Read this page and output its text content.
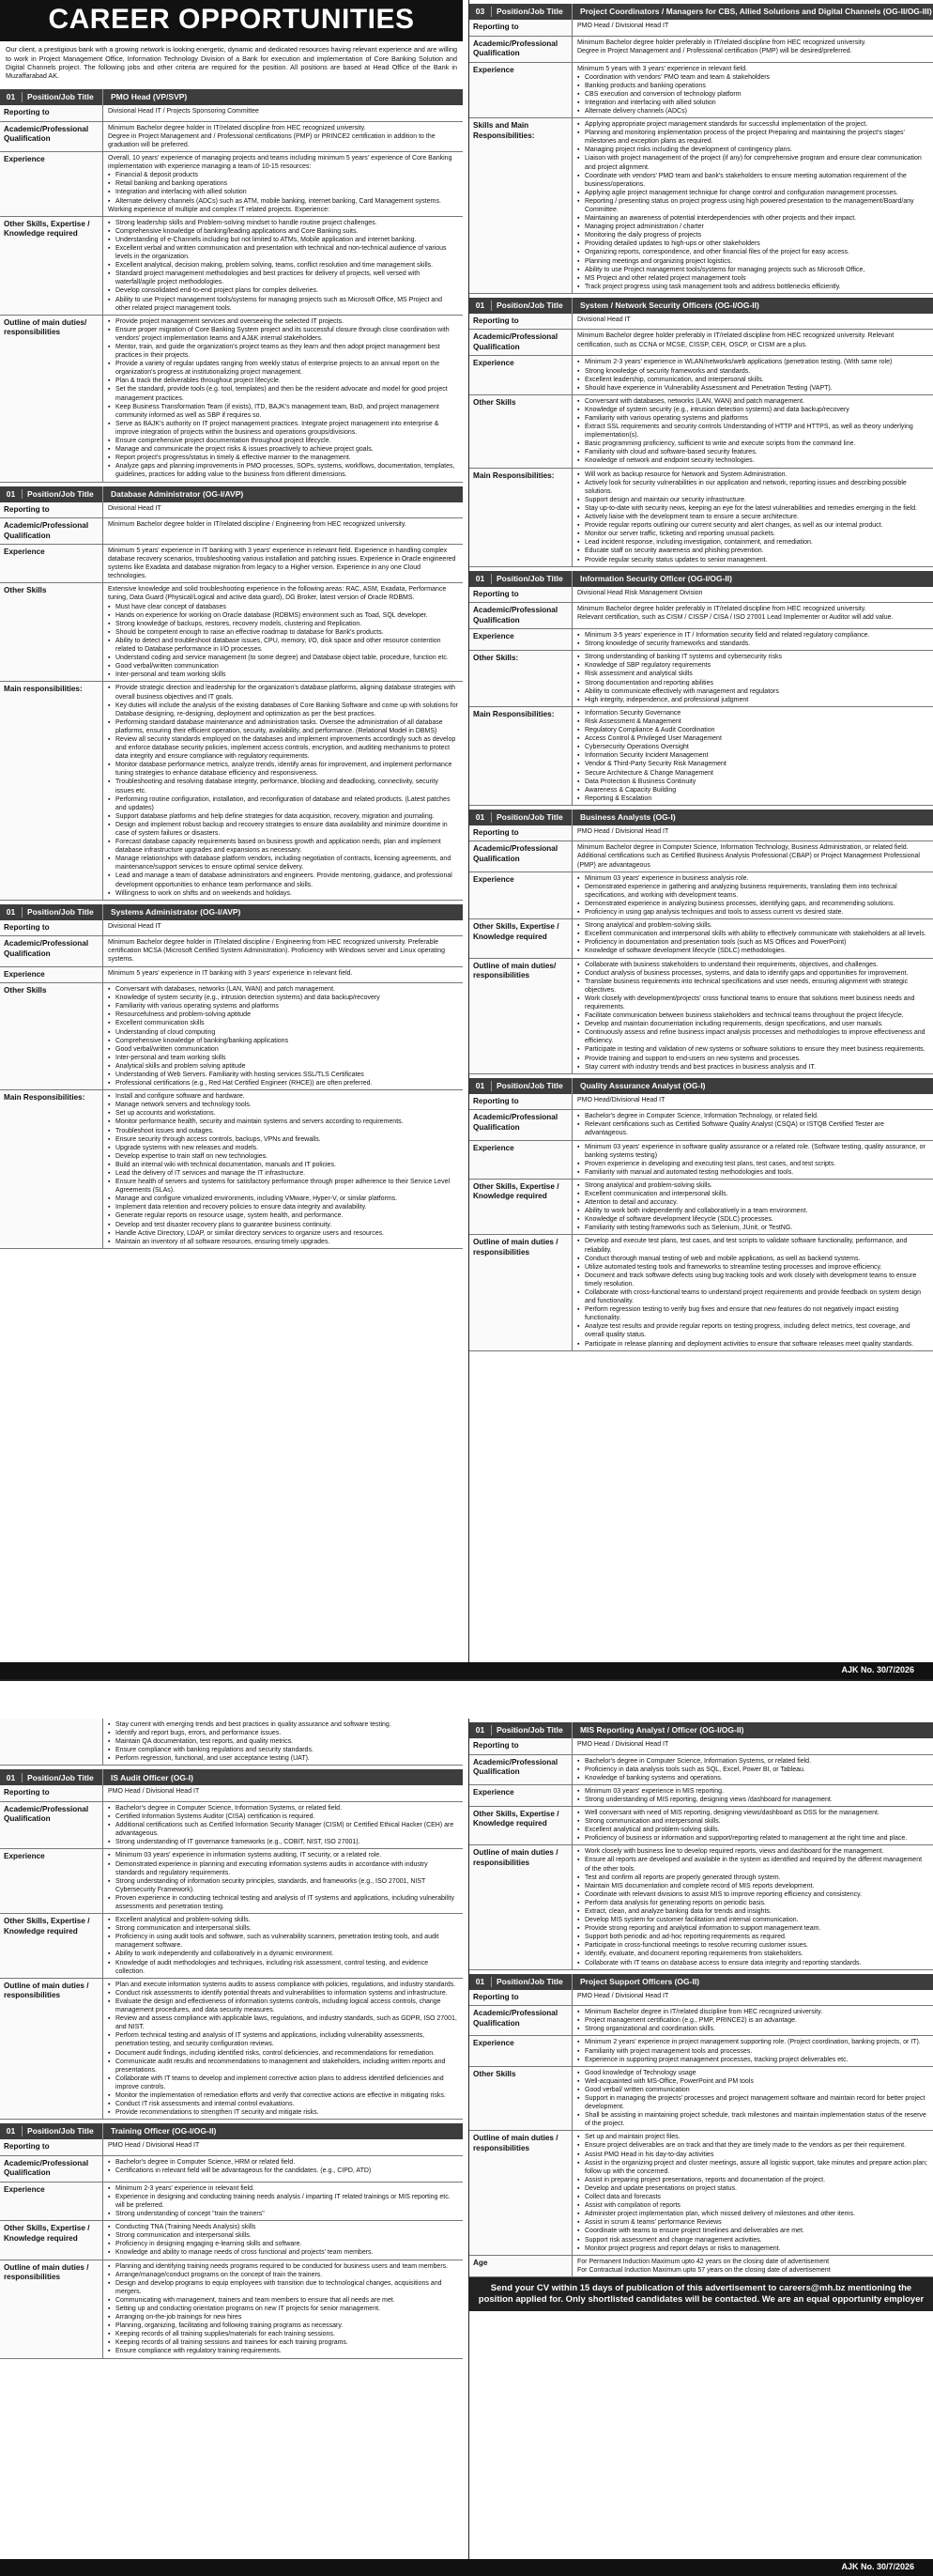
CAREER OPPORTUNITIES
Our client, a prestigious bank with a growing network is looking energetic, dynamic and dedicated resources having relevant experience and are willing to work in Project Management Office, Information Technology Division of a Bank for execution and implementation of Core Banking Solution and Digital Channels project. The following jobs and other criteria are required for the position. All positions are based at Head Office of the Bank in Muzaffarabad AK.
01	Position/Job Title	PMO Head (VP/SVP)
Reporting to	Divisional Head IT / Projects Sponsoring Committee

Academic/Professional Qualification

Minimum Bachelor degree holder in IT/related discipline from HEC recognized university.

Degree in Project Management and / Professional certifications (PMP) or PRINCE2 certification in addition to the graduation will be preferred.

Experience	Overall, 10 years' experience of managing projects and teams including minimum 5 years' experience of Core Banking implementation with experience managing a team of 10-15 resources:

▪ Financial & deposit products
▪ Retail banking and banking operations
▪ Integration and interfacing with allied solution
▪ Alternate delivery channels (ADCs) such as ATM, mobile banking, internet banking, Card Management systems.

Working experience of multiple and complex IT related projects. Experience:

Other Skills, Expertise / Knowledge required
▪ Strong leadership skills and Problem-solving mindset to handle routine project challenges.
▪ Comprehensive knowledge of banking/leading applications and Core Banking suits.
▪ Understanding of e-Channels including but not limited to ATMs, Mobile application and internet banking.
▪ Excellent verbal and written communication and presentation with technical and non-technical audience of various levels in the organization.
▪ Excellent analytical, decision making, problem solving, teams, conflict resolution and time management skills.
▪ Standard project management methodologies and best practices for delivery of projects, well versed with waterfall/agile project methodologies.
▪ Develop consolidated end-to-end project plans for complex deliveries.
▪ Ability to use Project management tools/systems for managing projects such as Microsoft Office, MS Project and other related project management tools.
Outline of main duties/ responsibilities
▪ Provide project management services and overseeing the selected IT projects.
▪ Ensure proper migration of Core Banking System project and its successful closure through close coordination with vendors' project implementation teams and AJ&K internal stakeholders.
▪ Mentor, train, and guide the organization's project teams as they learn and then adopt project management best practices in their projects.
▪ Provide a variety of regular updates ranging from weekly status of enterprise projects to an annual report on the organization's progress at institutionalizing project management.
▪ Plan & track the deliverables throughout project lifecycle.
▪ Set the standard, provide tools (e.g. tool, templates) and then be the resident advocate and model for good project management practices.
▪ Keep Business Transformation Team (if exists), ITD, BAJK's management team, BoD, and project management community informed as well as SBP if requires so.
▪ Serve as BAJK's authority on IT project management practices. Integrate project management into enterprise & improve integration of projects within the business and operations groups/divisions.
▪ Ensure comprehensive project documentation throughout project lifecycle.
▪ Manage and communicate the project risks & issues proactively to achieve project goals.
▪ Report project's progress/status in timely & effective manner to the management.
▪ Analyze gaps and planning improvements in PMO processes, SOPs, systems, workflows, documentation, templates, guidelines, practices for adding value to the business from different dimensions.
01	Position/Job Title	Database Administrator (OG-I/AVP)
Reporting to	Divisional Head IT

Academic/Professional Qualification

Minimum Bachelor degree holder in IT/related discipline / Engineering from HEC recognized university.

Experience	Minimum 5 years' experience in IT banking with 3 years' experience in relevant field. Experience in handling complex database recovery scenarios, troubleshooting various installation and patching issues. Experience in Oracle engineered systems like Exadata and database migration from legacy to a Higher version. Experience in any one Cloud technologies.

Other Skills	Extensive knowledge and solid troubleshooting experience in the following areas: RAC, ASM, Exadata, Performance tuning, Data Guard (Physical/Logical and active data guard), DG Broker, latest version of Oracle RDBMS.

▪ Must have clear concept of databases
▪ Hands on experience for working on Oracle database (RDBMS) environment such as Toad, SQL developer.
▪ Strong knowledge of backups, restores, recovery models, clustering and Replication.
▪ Should be competent enough to raise an effective roadmap to database for Bank's products.
▪ Ability to detect and troubleshoot database issues, CPU, memory, I/O, disk space and other resource contention related to Database performance in I/O processes.
▪ Understand coding and service management (to some degree) and Database object table, procedure, function etc.
▪ Good verbal/written communication
▪ Inter-personal and team working skills
Main responsibilities:	▪ Provide strategic direction and leadership for the organization's database platforms, aligning database strategies with overall business objectives and IT goals.
▪ Key duties will include the analysis of the existing databases of Core Banking Software and come up with solutions for Database designing, re-designing, deployment and optimization as per the best practices.
▪ Performing standard database maintenance and administration tasks. Oversee the administration of all database platforms, ensuring their efficient operation, security, availability, and performance. (Relational Model in DBMS)
▪ Review all security standards employed on the databases and implement improvements accordingly such as develop and enforce database security policies, implement access controls, encryption, and auditing mechanisms to protect data integrity and ensure compliance with regulatory requirements.
▪ Monitor database performance metrics, analyze trends, identify areas for improvement, and implement performance tuning strategies to enhance database efficiency and responsiveness.
▪ Troubleshooting and resolving database integrity, performance, blocking and deadlocking, connectivity, security issues etc.
▪ Performing routine configuration, installation, and reconfiguration of database and related products. (Latest patches and updates)
▪ Support database platforms and help define strategies for data acquisition, recovery, migration and journaling.
▪ Design and implement robust backup and recovery strategies to ensure data availability and minimize downtime in case of system failures or disasters.
▪ Forecast database capacity requirements based on business growth and application needs, plan and implement database infrastructure upgrades and expansions as necessary.
▪ Manage relationships with database platform vendors, including negotiation of contracts, licensing agreements, and maintenance/support services to ensure optimal service delivery.
▪ Lead and manage a team of database administrators and engineers. Provide mentoring, guidance, and professional development opportunities to enhance team performance and skills.
▪ Willingness to work on shifts and on weekends and holidays.
01	Position/Job Title	Systems Administrator (OG-I/AVP)
Reporting to	Divisional Head IT

Academic/Professional Qualification

Minimum Bachelor degree holder in IT/related discipline / Engineering from HEC recognized university. Preferable certification MCSA (Microsoft Certified System Administration). Proficiency with Windows server and Linux operating systems.

Experience	Minimum 5 years' experience in IT banking with 3 years' experience in relevant field.

Other Skills	▪ Conversant with databases, networks (LAN, WAN) and patch management.
▪ Knowledge of system security (e.g., intrusion detection systems) and data backup/recovery
▪ Familiarity with various operating systems and platforms
▪ Resourcefulness and problem-solving aptitude
▪ Excellent communication skills
▪ Understanding of cloud computing
▪ Comprehensive knowledge of banking/banking applications
▪ Good verbal/written communication
▪ Inter-personal and team working skills
▪ Analytical skills and problem solving aptitude
▪ Understanding of Web Servers. Familiarity with hosting services SSL/TLS Certificates
▪ Professional certifications (e.g., Red Hat Certified Engineer (RHCE)) are often preferred.
Main Responsibilities:	▪ Install and configure software and hardware.
▪ Manage network servers and technology tools.
▪ Set up accounts and workstations.
▪ Monitor performance health, security and maintain systems and servers according to requirements.
▪ Troubleshoot issues and outages.
▪ Ensure security through access controls, backups, VPNs and firewalls.
▪ Upgrade systems with new releases and models.
▪ Develop expertise to train staff on new technologies.
▪ Build an internal wiki with technical documentation, manuals and IT policies.
▪ Lead the delivery of IT services and manage the IT infrastructure.
▪ Ensure health of servers and systems for satisfactory performance through proper adherence to their Service Level Agreements (SLAs).
▪ Manage and configure virtualized environments, including VMware, Hyper-V, or similar platforms.
▪ Implement data retention and recovery policies to ensure data integrity and availability.
▪ Generate regular reports on resource usage, system health, and performance.
▪ Develop and test disaster recovery plans to guarantee business continuity.
▪ Handle Active Directory, LDAP, or similar directory services to organize users and resources.
▪ Maintain an inventory of all software resources, ensuring timely upgrades.
03	Position/Job Title	Project Coordinators / Managers for CBS, Allied Solutions and Digital Channels (OG-II/OG-III)
Reporting to	PMO Head / Divisional Head IT

Academic/Professional Qualification

Minimum Bachelor degree holder preferably in IT/related discipline from HEC recognized university.

Degree in Project Management and / Professional certification (PMP) will be desired/preferred.

Experience	Minimum 5 years with 3 years' experience in relevant field.

▪ Coordination with vendors' PMO team and team & stakeholders
▪ Banking products and banking operations
▪ CBS execution and conversion of technology platform
▪ Integration and interfacing with allied solution
▪ Alternate delivery channels (ADCs)
Skills and Main Responsibilities:
▪ Applying appropriate project management standards for successful implementation of the project.
▪ Planning and monitoring implementation process of the project Preparing and maintaining the project's stages' milestones and exception plans as required.
▪ Managing project risks including the development of contingency plans.
▪ Liaison with project management of the project (if any) for comprehensive program and ensure clear communication and project alignment.
▪ Coordinate with vendors' PMO team and bank's stakeholders to ensure meeting automation requirement of the business/operations.
▪ Applying agile project management technique for change control and configuration management processes.
▪ Reporting / presenting status on project progress using high powered presentation to the management/Board/any Committee.
▪ Maintaining an awareness of potential interdependencies with other projects and their impact.
▪ Managing project administration / charter
▪ Monitoring the daily progress of projects
▪ Providing detailed updates to high-ups or other stakeholders
▪ Organizing reports, correspondence, and other financial files of the project for easy access.
▪ Planning meetings and organizing project logistics.
▪ Ability to use Project management tools/systems for managing projects such as Microsoft Office,
▪ MS Project and other related project management tools
▪ Track project progress using task management tools and address bottlenecks efficiently.
01	Position/Job Title	System / Network Security Officers (OG-I/OG-II)
Reporting to	Divisional Head IT

Academic/Professional Qualification

Minimum Bachelor degree holder preferably in IT/related discipline from HEC recognized university. Relevant certification, such as CCNA or MCSE, CISSP, CEH, OSCP, or CISM are a plus.

Experience	▪ Minimum 2-3 years' experience in WLAN/networks/web applications (penetration testing. (With same role)
▪ Strong knowledge of security frameworks and standards.
▪ Excellent leadership, communication, and interpersonal skills.
▪ Should have experience in Vulnerability Assessment and Penetration Testing (VAPT).
Other Skills	▪ Conversant with databases, networks (LAN, WAN) and patch management.
▪ Knowledge of system security (e.g., intrusion detection systems) and data backup/recovery
▪ Familiarity with various operating systems and platforms
▪ Extract SSL requirements and security controls Understanding of HTTP and HTTPS, as well as theory underlying implementation(s).
▪ Basic programming proficiency, sufficient to write and execute scripts from the command line.
▪ Familiarity with cloud and software-based security features.
▪ Knowledge of network and endpoint security technologies.
Main Responsibilities:	▪ Will work as backup resource for Network and System Administration.
▪ Actively look for security vulnerabilities in our application and network, reporting issues and describing possible solutions.
▪ Support design and maintain our security infrastructure.
▪ Stay up-to-date with security news, keeping an eye for the latest vulnerabilities and remedies emerging in the field.
▪ Actively liaise with the development team to ensure a secure architecture.
▪ Provide regular reports outlining our current security and alert changes, as well as our internal product.
▪ Monitor our server traffic, ticketing and reporting unusual packets.
▪ Lead incident response, including investigation, containment, and remediation.
▪ Educate staff on security awareness and phishing prevention.
▪ Provide regular security status updates to senior management.
01	Position/Job Title	Information Security Officer (OG-I/OG-II)
Reporting to	Divisional Head Risk Management Division

Academic/Professional Qualification

Minimum Bachelor degree holder preferably in IT/related discipline from HEC recognized university.

Relevant certification, such as CISM / CISSP / CISA / ISO 27001 Lead Implementer or Auditor will add value.

Experience	▪ Minimum 3-5 years' experience in IT / Information security field and related regulatory compliance.
▪ Strong knowledge of security frameworks and standards.
Other Skills:	▪ Strong understanding of banking IT systems and cybersecurity risks
▪ Knowledge of SBP regulatory requirements
▪ Risk assessment and analytical skills
▪ Strong documentation and reporting abilities
▪ Ability to communicate effectively with management and regulators
▪ High integrity, independence, and professional judgment
Main Responsibilities:	▪ Information Security Governance
▪ Risk Assessment & Management
▪ Regulatory Compliance & Audit Coordination
▪ Access Control & Privileged User Management
▪ Cybersecurity Operations Oversight
▪ Information Security Incident Management
▪ Vendor & Third-Party Security Risk Management
▪ Secure Architecture & Change Management
▪ Data Protection & Business Continuity
▪ Awareness & Capacity Building
▪ Reporting & Escalation
01	Position/Job Title	Business Analysts (OG-I)
Reporting to	PMO Head / Divisional Head IT

Academic/Professional Qualification

Minimum Bachelor degree in Computer Science, Information Technology, Business Administration, or related field.

Additional certifications such as Certified Business Analysis Professional (CBAP) or Project Management Professional (PMP) are advantageous

Experience	▪ Minimum 03 years' experience in business analysis role.
▪ Demonstrated experience in gathering and analyzing business requirements, translating them into technical specifications, and working with development teams.
▪ Demonstrated experience in analyzing business processes, identifying gaps, and recommending solutions.
▪ Proficiency in using gap analysis techniques and tools to assess current vs desired state.
Other Skills, Expertise / Knowledge required
▪ Strong analytical and problem-solving skills.
▪ Excellent communication and interpersonal skills with ability to effectively communicate with stakeholders at all levels.
▪ Proficiency in documentation and presentation tools (such as MS Offices and PowerPoint)
▪ Knowledge of software development lifecycle (SDLC) methodologies.
Outline of main duties/ responsibilities
▪ Collaborate with business stakeholders to understand their requirements, objectives, and challenges.
▪ Conduct analysis of business processes, systems, and data to identify gaps and opportunities for improvement.
▪ Translate business requirements into technical specifications and user needs, ensuring alignment with strategic objectives.
▪ Work closely with development/projects' cross functional teams to ensure that solutions meet business needs and requirements.
▪ Facilitate communication between business stakeholders and technical teams throughout the project lifecycle.
▪ Develop and maintain documentation including requirements, design specifications, and user manuals.
▪ Continuously assess and refine business impact analysis processes and methodologies to improve effectiveness and efficiency.
▪ Participate in testing and validation of new systems or software solutions to ensure they meet business requirements.
▪ Provide training and support to end-users on new systems and processes.
▪ Stay current with industry trends and best practices in business analysis and IT.
01	Position/Job Title	Quality Assurance Analyst (OG-I)
Reporting to	PMO Head/Divisional Head IT

Academic/Professional Qualification
▪ Bachelor's degree in Computer Science, Information Technology, or related field.
▪ Relevant certifications such as Certified Software Quality Analyst (CSQA) or ISTQB Certified Tester are advantageous.
Experience	▪ Minimum 03 years' experience in software quality assurance or a related role. (Software testing, quality assurance, or banking systems testing)
▪ Proven experience in developing and executing test plans, test cases, and test scripts.
▪ Familiarity with manual and automated testing methodologies and tools.
Other Skills, Expertise / Knowledge required
▪ Strong analytical and problem-solving skills.
▪ Excellent communication and interpersonal skills.
▪ Attention to detail and accuracy.
▪ Ability to work both independently and collaboratively in a team environment.
▪ Knowledge of software development lifecycle (SDLC) processes.
▪ Familiarity with testing frameworks such as Selenium, JUnit, or TestNG.
Outline of main duties / responsibilities
▪ Develop and execute test plans, test cases, and test scripts to validate software functionality, performance, and reliability.
▪ Conduct thorough manual testing of web and mobile applications, as well as backend systems.
▪ Utilize automated testing tools and frameworks to streamline testing processes and improve efficiency.
▪ Document and track software defects using bug tracking tools and work closely with development teams to ensure timely resolution.
▪ Collaborate with cross-functional teams to understand project requirements and provide feedback on system design and functionality.
▪ Perform regression testing to verify bug fixes and ensure that new features do not negatively impact existing functionality.
▪ Analyze test results and provide regular reports on testing progress, including defect metrics, test coverage, and overall quality status.
▪ Participate in release planning and deployment activities to ensure that software releases meet quality standards.
AJK No. 30/7/2026
▪ Stay current with emerging trends and best practices in quality assurance and software testing.
▪ Identify and report bugs, errors, and performance issues.
▪ Maintain QA documentation, test reports, and quality metrics.
▪ Ensure compliance with banking regulations and security standards.
▪ Perform regression, functional, and user acceptance testing (UAT).
01	Position/Job Title	IS Audit Officer (OG-I)
Reporting to	PMO Head / Divisional Head IT

Academic/Professional Qualification
▪ Bachelor's degree in Computer Science, Information Systems, or related field.
▪ Certified Information Systems Auditor (CISA) certification is required.
▪ Additional certifications such as Certified Information Security Manager (CISM) or Certified Ethical Hacker (CEH) are advantageous.
▪ Strong understanding of IT governance frameworks (e.g., COBIT, NIST, ISO 27001).
Experience	▪ Minimum 03 years' experience in information systems auditing, IT security, or a related role.
▪ Demonstrated experience in planning and executing information systems audits in accordance with industry standards and regulatory requirements.
▪ Strong understanding of information security principles, standards, and frameworks (e.g., ISO 27001, NIST Cybersecurity Framework).
▪ Proven experience in conducting technical testing and analysis of IT systems and applications, including vulnerability assessments and penetration testing.
Other Skills, Expertise / Knowledge required
▪ Excellent analytical and problem-solving skills.
▪ Strong communication and interpersonal skills.
▪ Proficiency in using audit tools and software, such as vulnerability scanners, penetration testing tools, and audit management software.
▪ Ability to work independently and collaboratively in a dynamic environment.
▪ Knowledge of audit methodologies and techniques, including risk assessment, control testing, and evidence collection.
Outline of main duties / responsibilities
▪ Plan and execute information systems audits to assess compliance with policies, regulations, and industry standards.
▪ Conduct risk assessments to identify potential threats and vulnerabilities to information systems and infrastructure.
▪ Evaluate the design and effectiveness of information systems controls, including logical access controls, change management procedures, and data security measures.
▪ Review and assess compliance with applicable laws, regulations, and industry standards, such as GDPR, ISO 27001, and NIST.
▪ Perform technical testing and analysis of IT systems and applications, including vulnerability assessments, penetration testing, and security configuration reviews.
▪ Document audit findings, including identified risks, control deficiencies, and recommendations for remediation.
▪ Communicate audit results and recommendations to management and stakeholders, including written reports and presentations.
▪ Collaborate with IT teams to develop and implement corrective action plans to address identified deficiencies and improve controls.
▪ Monitor the implementation of remediation efforts and verify that corrective actions are effective in mitigating risks.
▪ Conduct IT risk assessments and internal control evaluations.
▪ Provide recommendations to strengthen IT security and mitigate risks.
01	Position/Job Title	Training Officer (OG-I/OG-II)
Reporting to	PMO Head / Divisional Head IT

Academic/Professional Qualification
▪ Bachelor's degree in Computer Science, HRM or related field.
▪ Certifications in relevant field will be advantageous for the candidates. (e.g., CIPD, ATD)
Experience	▪ Minimum 2-3 years' experience in relevant field.
▪ Experience in designing and conducting training needs analysis / imparting IT related trainings or MIS reporting etc. will be preferred.
▪ Strong understanding of concept "train the trainers"
Other Skills, Expertise / Knowledge required
▪ Conducting TNA (Training Needs Analysis) skills
▪ Strong communication and interpersonal skills.
▪ Proficiency in designing engaging e-learning skills and software.
▪ Knowledge and ability to manage needs of cross functional and projects' team members.
Outline of main duties / responsibilities
▪ Planning and identifying training needs programs required to be conducted for business users and team members.
▪ Arrange/manage/conduct programs on the concept of train the trainers.
▪ Design and develop programs to equip employees with transition due to technological changes, acquisitions and mergers.
▪ Communicating with management, trainers and team members to ensure that all needs are met.
▪ Setting up and conducting orientation programs on new IT projects for senior management.
▪ Arranging on-the-job trainings for new hires
▪ Planning, organizing, facilitating and following training programs as necessary.
▪ Keeping records of all training supplies/materials for each training sessions.
▪ Keeping records of all training sessions and trainees for each training programs.
▪ Ensure compliance with regulatory training requirements.
01	Position/Job Title	MIS Reporting Analyst / Officer (OG-I/OG-II)
Reporting to	PMO Head / Divisional Head IT

Academic/Professional Qualification
▪ Bachelor's degree in Computer Science, Information Systems, or related field.
▪ Proficiency in data analysis tools such as SQL, Excel, Power BI, or Tableau.
▪ Knowledge of banking systems and operations.
Experience	▪ Minimum 03 years' experience in MIS reporting.
▪ Strong understanding of MIS reporting, designing views /dashboard for management.
Other Skills, Expertise / Knowledge required
▪ Well conversant with need of MIS reporting, designing views/dashboard as DSS for the management.
▪ Strong communication and interpersonal skills.
▪ Excellent analytical and problem-solving skills.
▪ Proficiency of business or information and support/reporting related to management at the right time and place.
Outline of main duties / responsibilities
▪ Work closely with business line to develop required reports, views and dashboard for the management.
▪ Ensure all reports are developed and available in the system as identified and required by the different management of the other tools.
▪ Test and confirm all reports are properly generated through system.
▪ Maintain MIS documentation and complete record of MIS reports development.
▪ Coordinate with relevant divisions to assist MIS to improve reporting efficiency and consistency.
▪ Perform data analysis for generating reports on periodic basis.
▪ Extract, clean, and analyze banking data for trends and insights.
▪ Develop MIS system for customer facilitation and internal communication.
▪ Provide strong reporting and analytical information to support management team.
▪ Support both periodic and ad-hoc reporting requirements as required.
▪ Participate in cross-functional meetings to resolve recurring customer issues.
▪ Identify, evaluate, and document reporting requirements from stakeholders.
▪ Collaborate with IT teams on database access to ensure data integrity and reporting standards.
01	Position/Job Title	Project Support Officers (OG-II)
Reporting to	PMO Head / Divisional Head IT

Academic/Professional Qualification
▪ Minimum Bachelor degree in IT/related discipline from HEC recognized university.
▪ Project management certification (e.g., PMP, PRINCE2) is an advantage.
▪ Strong organizational and coordination skills.
Experience	▪ Minimum 2 years' experience in project management supporting role. (Project coordination, banking projects, or IT).
▪ Familiarity with project management tools and processes.
▪ Experience in supporting project management processes, tracking project deliverables etc.
Other Skills	▪ Good knowledge of Technology usage
▪ Well-acquainted with MS-Office, PowerPoint and PM tools
▪ Good verbal/ written communication
▪ Support in managing the projects' processes and project management software and maintain record for better project development.
▪ Shall be assisting in maintaining project schedule, track milestones and maintain implementation status of the reserve of the project.
Outline of main duties / responsibilities
▪ Set up and maintain project files.
▪ Ensure project deliverables are on track and that they are timely made to the vendors as per their requirement.
▪ Assist PMO Head in his day-to-day activities
▪ Assist in the organizing project and cluster meetings, assure all logistic support, take minutes and prepare action plan; follow up with the concerned.
▪ Assist in preparing project presentations, reports and documentation of the project.
▪ Develop and update presentations on project status.
▪ Collect data and forecasts
▪ Assist with compilation of reports
▪ Administer project implementation plan, which missed delivery of milestones and other items.
▪ Assist in scrum & teams' performance Reviews
▪ Coordinate with teams to ensure project timelines and deliverables are met.
▪ Support risk assessment and change management activities.
▪ Monitor project progress and report delays or risks to management.
Age	For Permanent Induction Maximum upto 42 years on the closing date of advertisement

For Contractual Induction Maximum upto 57 years on the closing date of advertisement

Send your CV within 15 days of publication of this advertisement to careers@mh.bz mentioning the position applied for. Only shortlisted candidates will be contacted. We are an equal opportunity employer
AJK No. 30/7/2026
